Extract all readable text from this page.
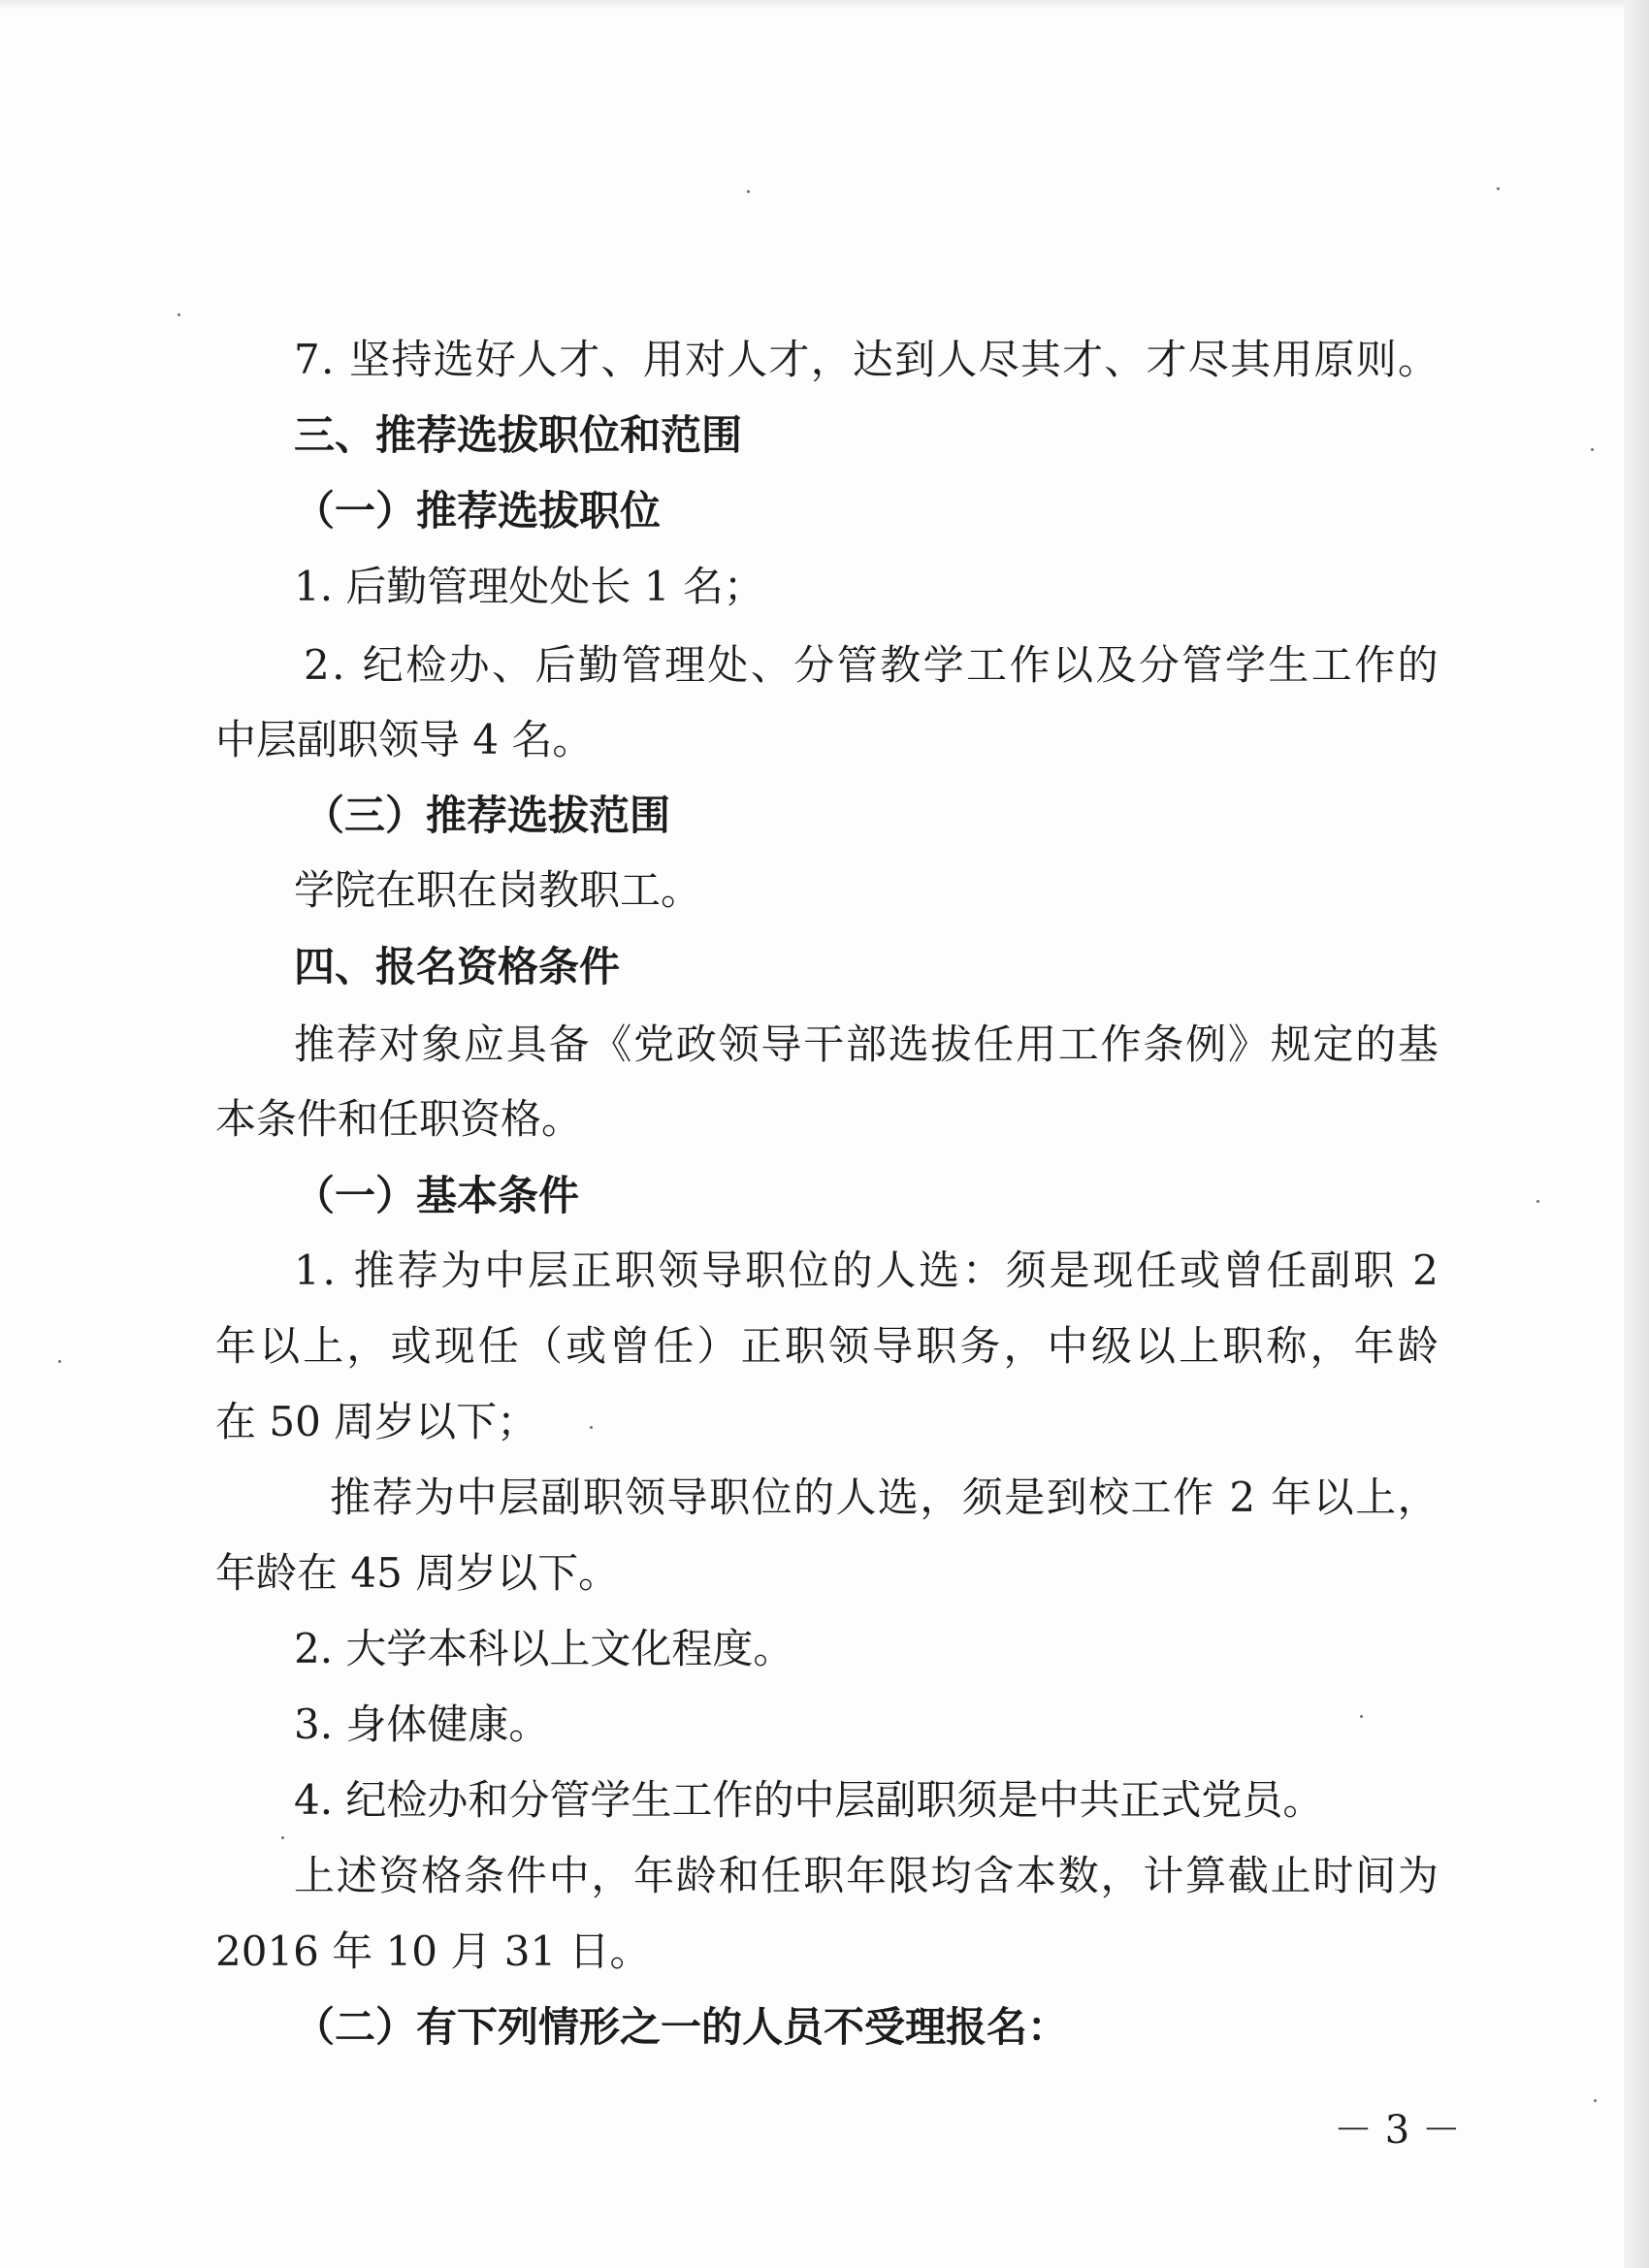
7 .
坚 持 选 好 人 才 、 用 对 人 才 ， 达 到 人 尽 其 才 、 才 尽 其 用 原 则 。
三、推荐选拔职位和范围
（一）推荐选拔职位
1. 后勤管理处处长 1 名；
2 .
纪 检 办 、 后 勤 管 理 处 、 分 管 教 学 工 作 以 及 分 管 学 生 工 作 的
中层副职领导 4 名。
（三）推荐选拔范围
学院在职在岗教职工。
四、报名资格条件
推 荐 对 象 应 具 备 《 党 政 领 导 干 部 选 拔 任 用 工 作 条 例 》 规 定 的 基
本条件和任职资格。
（一）基本条件
1 .
推 荐 为 中 层 正 职 领 导 职 位 的 人 选 ： 须 是 现 任 或 曾 任 副 职
2
年 以 上 ， 或 现 任 （ 或 曾 任 ） 正 职 领 导 职 务 ， 中 级 以 上 职 称 ， 年 龄
在 50 周岁以下；
推 荐 为 中 层 副 职 领 导 职 位 的 人 选 ， 须 是 到 校 工 作
2
年 以 上 ，
年龄在 45 周岁以下。
2. 大学本科以上文化程度。
3. 身体健康。
4. 纪检办和分管学生工作的中层副职须是中共正式党员。
上 述 资 格 条 件 中 ， 年 龄 和 任 职 年 限 均 含 本 数 ， 计 算 截 止 时 间 为
2016 年 10 月 31 日。
（二）有下列情形之一的人员不受理报名：
－ 3 －
